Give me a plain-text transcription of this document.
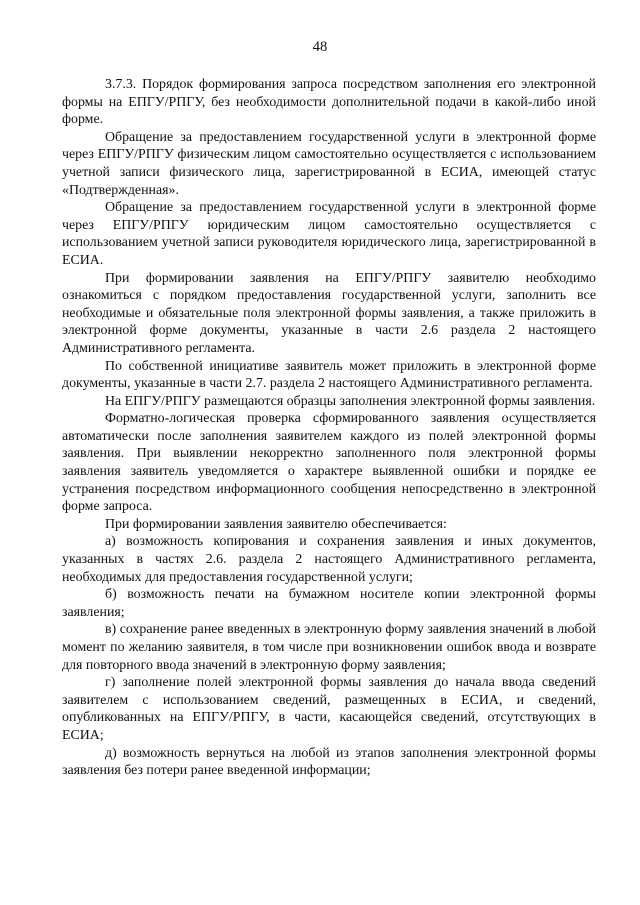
48

3.7.3. Порядок формирования запроса посредством заполнения его электронной формы на ЕПГУ/РПГУ, без необходимости дополнительной подачи в какой-либо иной форме.

Обращение за предоставлением государственной услуги в электронной форме через ЕПГУ/РПГУ физическим лицом самостоятельно осуществляется с использованием учетной записи физического лица, зарегистрированной в ЕСИА, имеющей статус «Подтвержденная».

Обращение за предоставлением государственной услуги в электронной форме через ЕПГУ/РПГУ юридическим лицом самостоятельно осуществляется с использованием учетной записи руководителя юридического лица, зарегистрированной в ЕСИА.

При формировании заявления на ЕПГУ/РПГУ заявителю необходимо ознакомиться с порядком предоставления государственной услуги, заполнить все необходимые и обязательные поля электронной формы заявления, а также приложить в электронной форме документы, указанные в части 2.6 раздела 2 настоящего Административного регламента.

По собственной инициативе заявитель может приложить в электронной форме документы, указанные в части 2.7. раздела 2 настоящего Административного регламента.

На ЕПГУ/РПГУ размещаются образцы заполнения электронной формы заявления.

Форматно-логическая проверка сформированного заявления осуществляется автоматически после заполнения заявителем каждого из полей электронной формы заявления. При выявлении некорректно заполненного поля электронной формы заявления заявитель уведомляется о характере выявленной ошибки и порядке ее устранения посредством информационного сообщения непосредственно в электронной форме запроса.

При формировании заявления заявителю обеспечивается:

а) возможность копирования и сохранения заявления и иных документов, указанных в частях 2.6. раздела 2 настоящего Административного регламента, необходимых для предоставления государственной услуги;

б) возможность печати на бумажном носителе копии электронной формы заявления;

в) сохранение ранее введенных в электронную форму заявления значений в любой момент по желанию заявителя, в том числе при возникновении ошибок ввода и возврате для повторного ввода значений в электронную форму заявления;

г) заполнение полей электронной формы заявления до начала ввода сведений заявителем с использованием сведений, размещенных в ЕСИА, и сведений, опубликованных на ЕПГУ/РПГУ, в части, касающейся сведений, отсутствующих в ЕСИА;

д) возможность вернуться на любой из этапов заполнения электронной формы заявления без потери ранее введенной информации;
